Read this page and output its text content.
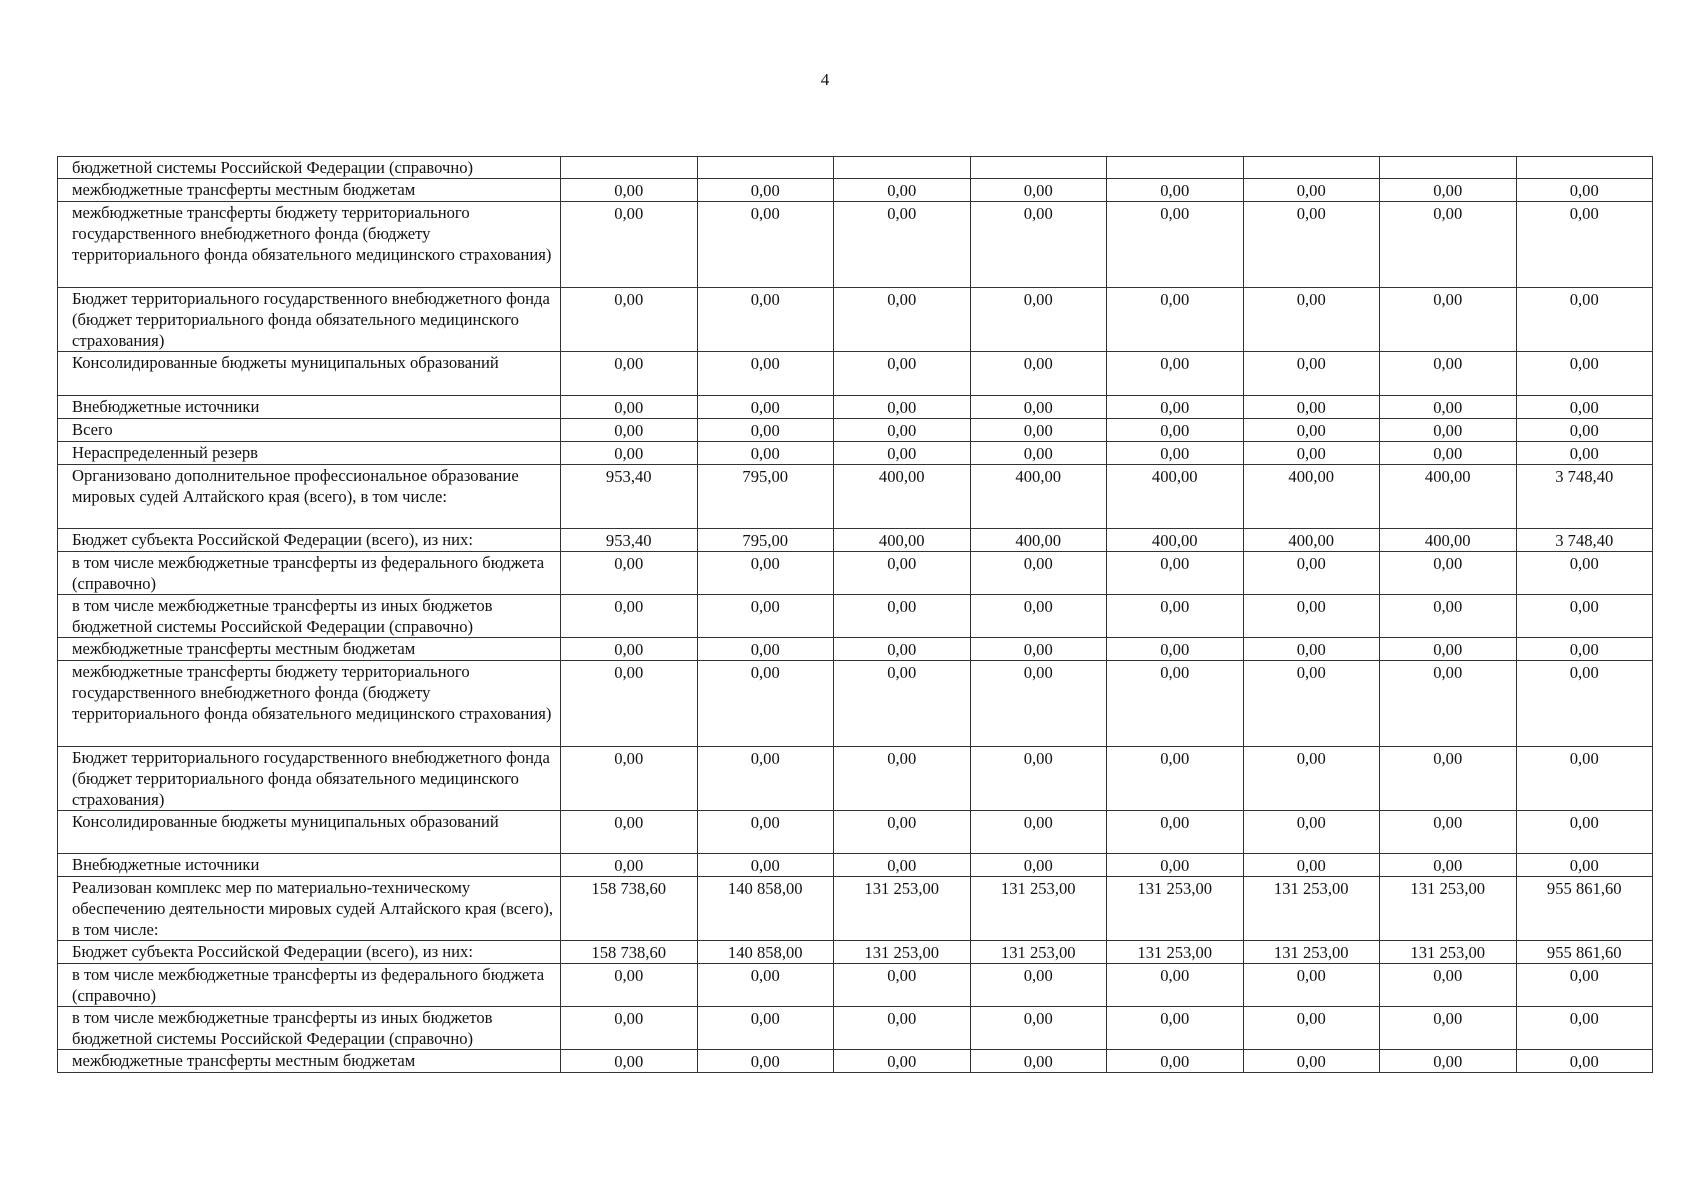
4
бюджетной системы Российской Федерации (справочно)								
межбюджетные трансферты местным бюджетам	0,00	0,00	0,00	0,00	0,00	0,00	0,00	0,00
межбюджетные трансферты бюджету территориального государственного внебюджетного фонда (бюджету территориального фонда обязательного медицинского страхования)	0,00	0,00	0,00	0,00	0,00	0,00	0,00	0,00
Бюджет территориального государственного внебюджетного фонда (бюджет территориального фонда обязательного медицинского страхования)	0,00	0,00	0,00	0,00	0,00	0,00	0,00	0,00
Консолидированные бюджеты муниципальных образований	0,00	0,00	0,00	0,00	0,00	0,00	0,00	0,00
Внебюджетные источники	0,00	0,00	0,00	0,00	0,00	0,00	0,00	0,00
Всего	0,00	0,00	0,00	0,00	0,00	0,00	0,00	0,00
Нераспределенный резерв	0,00	0,00	0,00	0,00	0,00	0,00	0,00	0,00
Организовано дополнительное профессиональное образование мировых судей Алтайского края (всего), в том числе:	953,40	795,00	400,00	400,00	400,00	400,00	400,00	3 748,40
Бюджет субъекта Российской Федерации (всего), из них:	953,40	795,00	400,00	400,00	400,00	400,00	400,00	3 748,40
в том числе межбюджетные трансферты из федерального бюджета (справочно)	0,00	0,00	0,00	0,00	0,00	0,00	0,00	0,00
в том числе межбюджетные трансферты из иных бюджетов бюджетной системы Российской Федерации (справочно)	0,00	0,00	0,00	0,00	0,00	0,00	0,00	0,00
межбюджетные трансферты местным бюджетам	0,00	0,00	0,00	0,00	0,00	0,00	0,00	0,00
межбюджетные трансферты бюджету территориального государственного внебюджетного фонда (бюджету территориального фонда обязательного медицинского страхования)	0,00	0,00	0,00	0,00	0,00	0,00	0,00	0,00
Бюджет территориального государственного внебюджетного фонда (бюджет территориального фонда обязательного медицинского страхования)	0,00	0,00	0,00	0,00	0,00	0,00	0,00	0,00
Консолидированные бюджеты муниципальных образований	0,00	0,00	0,00	0,00	0,00	0,00	0,00	0,00
Внебюджетные источники	0,00	0,00	0,00	0,00	0,00	0,00	0,00	0,00
Реализован комплекс мер по материально-техническому обеспечению деятельности мировых судей Алтайского края (всего), в том числе:	158 738,60	140 858,00	131 253,00	131 253,00	131 253,00	131 253,00	131 253,00	955 861,60
Бюджет субъекта Российской Федерации (всего), из них:	158 738,60	140 858,00	131 253,00	131 253,00	131 253,00	131 253,00	131 253,00	955 861,60
в том числе межбюджетные трансферты из федерального бюджета (справочно)	0,00	0,00	0,00	0,00	0,00	0,00	0,00	0,00
в том числе межбюджетные трансферты из иных бюджетов бюджетной системы Российской Федерации (справочно)	0,00	0,00	0,00	0,00	0,00	0,00	0,00	0,00
межбюджетные трансферты местным бюджетам	0,00	0,00	0,00	0,00	0,00	0,00	0,00	0,00
